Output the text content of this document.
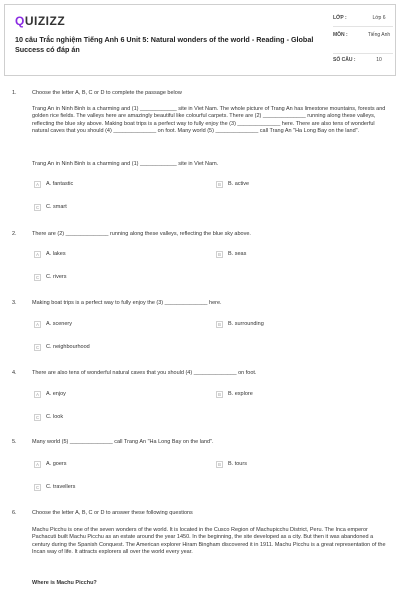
QUIZIZZ
10 câu Trắc nghiệm Tiếng Anh 6 Unit 5: Natural wonders of the world - Reading - Global Success có đáp án
LỚP :	Lớp 6
MÔN :	Tiếng Anh
SỐ CÂU :	10
1.	Choose the letter A, B, C or D to complete the passage below
Trang An in Ninh Binh is a charming and (1) ____________ site in Viet Nam. The whole picture of Trang An has limestone mountains, forests and golden rice fields. The valleys here are amazingly beautiful like colourful carpets. There are (2) ______________ running along these valleys, reflecting the blue sky above. Making boat trips is a perfect way to fully enjoy the (3) ______________ here. There are also tens of wonderful natural caves that you should (4) ______________ on foot. Many world (5) ______________ call Trang An "Ha Long Bay on the land".
Trang An in Ninh Binh is a charming and (1) ____________ site in Viet Nam.
A	A. fantastic	B	B. active
C	C. smart
2.	There are (2) ______________ running along these valleys, reflecting the blue sky above.
A	A. lakes	B	B. seas
C	C. rivers
3.	Making boat trips is a perfect way to fully enjoy the (3) ______________ here.
A	A. scenery	B	B. surrounding
C	C. neighbourhood
4.	There are also tens of wonderful natural caves that you should (4) ______________ on foot.
A	A. enjoy	B	B. explore
C	C. look
5.	Many world (5) ______________ call Trang An "Ha Long Bay on the land".
A	A. goers	B	B. tours
C	C. travellers
6.	Choose the letter A, B, C or D to answer these following questions
Machu Picchu is one of the seven wonders of the world. It is located in the Cusco Region of Machupicchu District, Peru. The Inca emperor Pachacuti built Machu Picchu as an estate around the year 1450. In the beginning, the site developed as a city. But then it was abandoned a century during the Spanish Conquest. The American explorer Hiram Bingham discovered it in 1911. Machu Picchu is a great representation of the Incan way of life. It attracts explorers all over the world every year.
Where is Machu Picchu?
